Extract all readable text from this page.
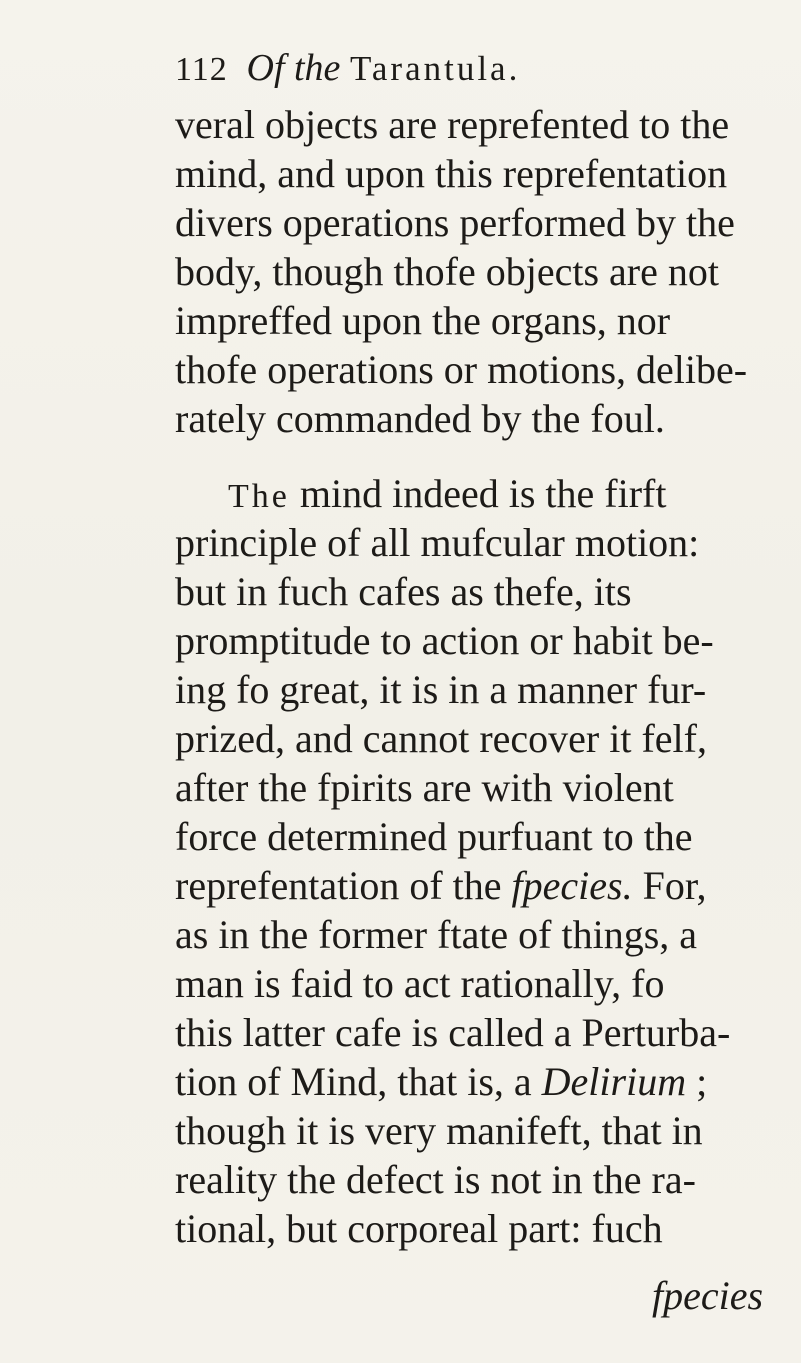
112 Of the Tarantula.
veral objects are reprefented to the
mind, and upon this reprefentation
divers operations performed by the
body, though thofe objects are not
impreffed upon the organs, nor
thofe operations or motions, delibe-
rately commanded by the foul.
The mind indeed is the firft
principle of all mufcular motion:
but in fuch cafes as thefe, its
promptitude to action or habit be-
ing fo great, it is in a manner fur-
prized, and cannot recover it felf,
after the fpirits are with violent
force determined purfuant to the
reprefentation of the fpecies. For,
as in the former ftate of things, a
man is faid to act rationally, fo
this latter cafe is called a Perturba-
tion of Mind, that is, a Delirium ;
though it is very manifeft, that in
reality the defect is not in the ra-
tional, but corporeal part: fuch
fpecies
